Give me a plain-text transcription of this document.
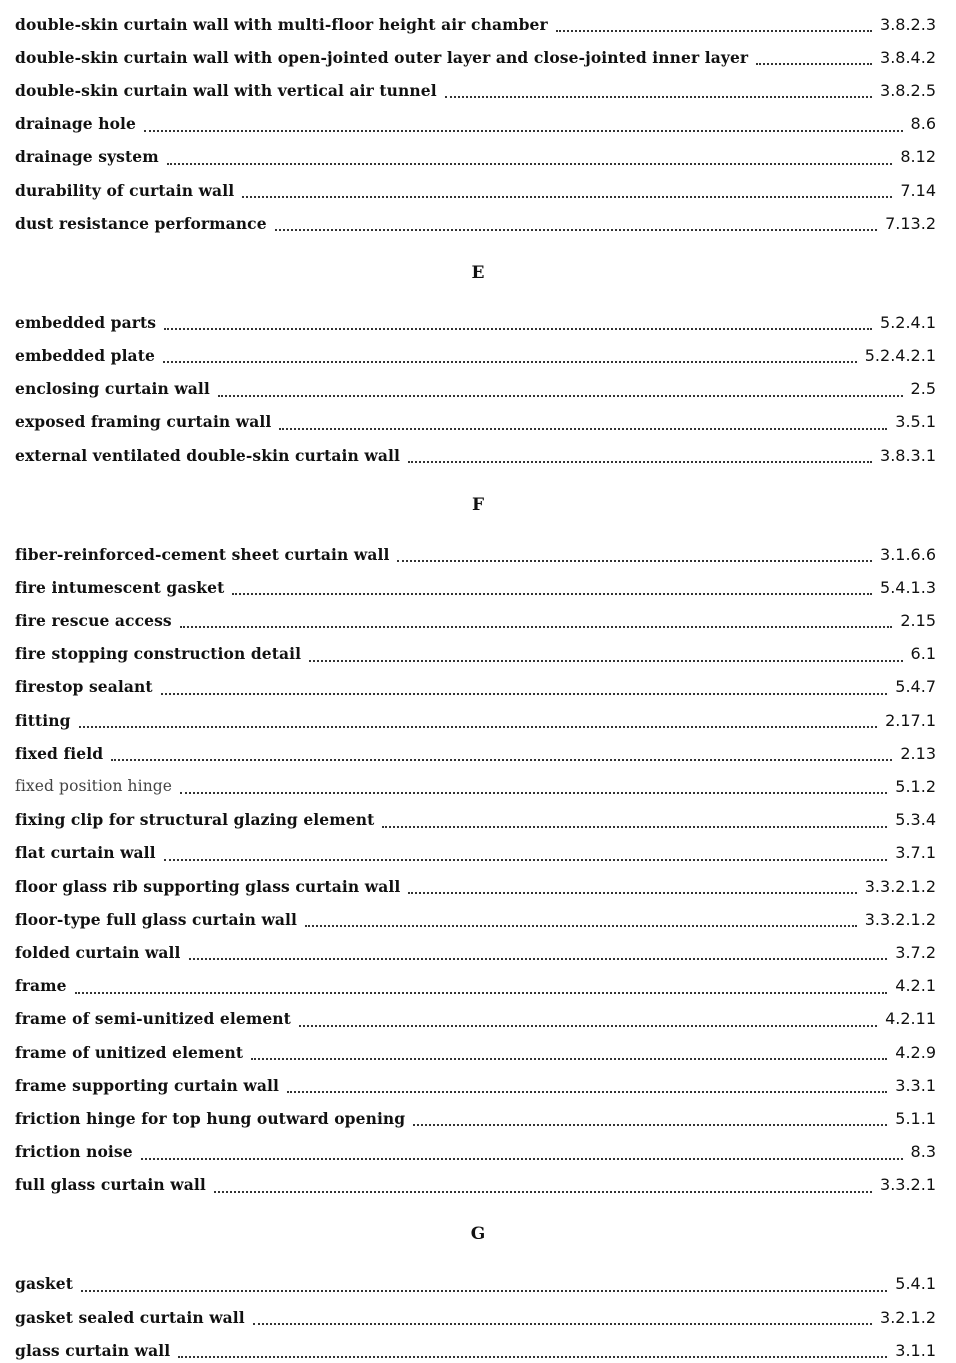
double-skin curtain wall with multi-floor height air chamber	3.8.2.3
double-skin curtain wall with open-jointed outer layer and close-jointed inner layer	3.8.4.2
double-skin curtain wall with vertical air tunnel	3.8.2.5
drainage hole	8.6
drainage system	8.12
durability of curtain wall	7.14
dust resistance performance	7.13.2
E
embedded parts	5.2.4.1
embedded plate	5.2.4.2.1
enclosing curtain wall	2.5
exposed framing curtain wall	3.5.1
external ventilated double-skin curtain wall	3.8.3.1
F
fiber-reinforced-cement sheet curtain wall	3.1.6.6
fire intumescent gasket	5.4.1.3
fire rescue access	2.15
fire stopping construction detail	6.1
firestop sealant	5.4.7
fitting	2.17.1
fixed field	2.13
fixed position hinge	5.1.2
fixing clip for structural glazing element	5.3.4
flat curtain wall	3.7.1
floor glass rib supporting glass curtain wall	3.3.2.1.2
floor-type full glass curtain wall	3.3.2.1.2
folded curtain wall	3.7.2
frame	4.2.1
frame of semi-unitized element	4.2.11
frame of unitized element	4.2.9
frame supporting curtain wall	3.3.1
friction hinge for top hung outward opening	5.1.1
friction noise	8.3
full glass curtain wall	3.3.2.1
G
gasket	5.4.1
gasket sealed curtain wall	3.2.1.2
glass curtain wall	3.1.1
